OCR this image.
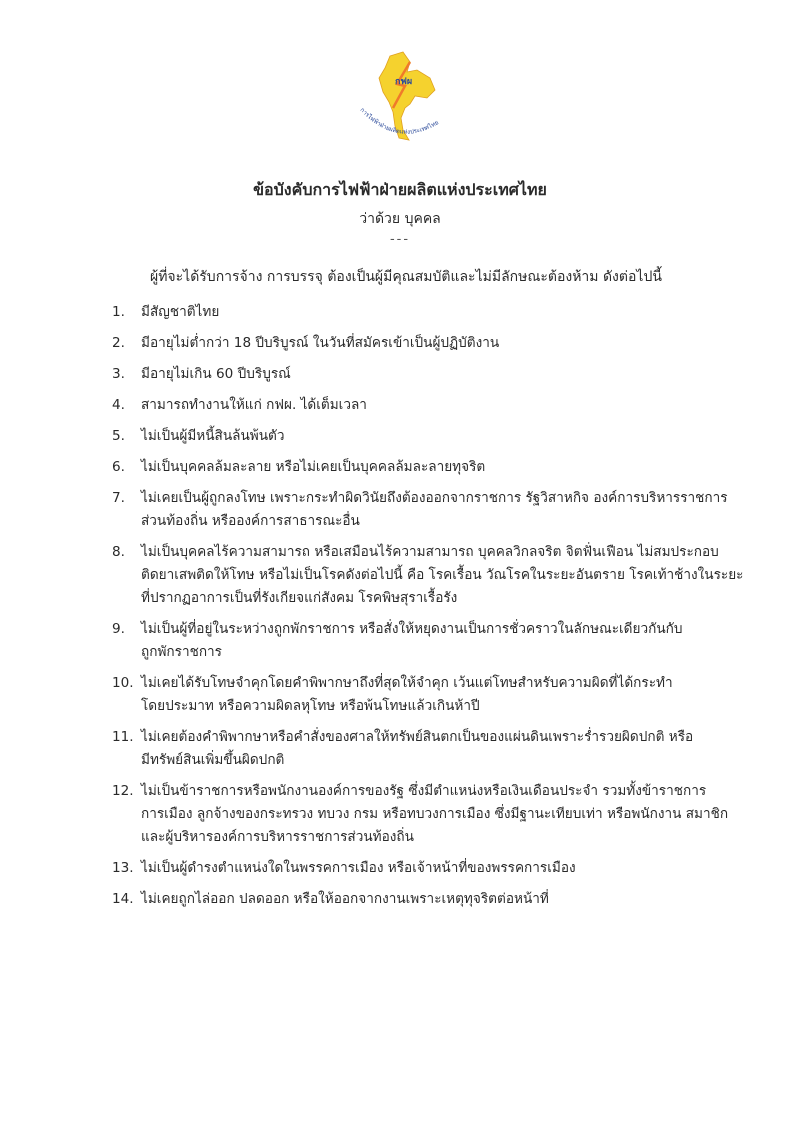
กฟผ
การไฟฟ้าฝ่ายผลิตแห่งประเทศไทย
ข้อบังคับการไฟฟ้าฝ่ายผลิตแห่งประเทศไทย
ว่าด้วย บุคคล
---
ผู้ที่จะได้รับการจ้าง การบรรจุ ต้องเป็นผู้มีคุณสมบัติและไม่มีลักษณะต้องห้าม ดังต่อไปนี้
1. มีสัญชาติไทย
2. มีอายุไม่ต่ำกว่า 18 ปีบริบูรณ์ ในวันที่สมัครเข้าเป็นผู้ปฏิบัติงาน
3. มีอายุไม่เกิน 60 ปีบริบูรณ์
4. สามารถทำงานให้แก่ กฟผ. ได้เต็มเวลา
5. ไม่เป็นผู้มีหนี้สินล้นพ้นตัว
6. ไม่เป็นบุคคลล้มละลาย หรือไม่เคยเป็นบุคคลล้มละลายทุจริต
7. ไม่เคยเป็นผู้ถูกลงโทษ เพราะกระทำผิดวินัยถึงต้องออกจากราชการ รัฐวิสาหกิจ องค์การบริหารราชการ
ส่วนท้องถิ่น หรือองค์การสาธารณะอื่น
8. ไม่เป็นบุคคลไร้ความสามารถ หรือเสมือนไร้ความสามารถ บุคคลวิกลจริต จิตฟั่นเฟือน ไม่สมประกอบ
ติดยาเสพติดให้โทษ หรือไม่เป็นโรคดังต่อไปนี้ คือ โรคเรื้อน วัณโรคในระยะอันตราย โรคเท้าช้างในระยะ
ที่ปรากฏอาการเป็นที่รังเกียจแก่สังคม โรคพิษสุราเรื้อรัง
9. ไม่เป็นผู้ที่อยู่ในระหว่างถูกพักราชการ หรือสั่งให้หยุดงานเป็นการชั่วคราวในลักษณะเดียวกันกับ
ถูกพักราชการ
10. ไม่เคยได้รับโทษจำคุกโดยคำพิพากษาถึงที่สุดให้จำคุก เว้นแต่โทษสำหรับความผิดที่ได้กระทำ
โดยประมาท หรือความผิดลหุโทษ หรือพ้นโทษแล้วเกินห้าปี
11. ไม่เคยต้องคำพิพากษาหรือคำสั่งของศาลให้ทรัพย์สินตกเป็นของแผ่นดินเพราะร่ำรวยผิดปกติ หรือ
มีทรัพย์สินเพิ่มขึ้นผิดปกติ
12. ไม่เป็นข้าราชการหรือพนักงานองค์การของรัฐ ซึ่งมีตำแหน่งหรือเงินเดือนประจำ รวมทั้งข้าราชการ
การเมือง ลูกจ้างของกระทรวง ทบวง กรม หรือทบวงการเมือง ซึ่งมีฐานะเทียบเท่า หรือพนักงาน สมาชิก
และผู้บริหารองค์การบริหารราชการส่วนท้องถิ่น
13. ไม่เป็นผู้ดำรงตำแหน่งใดในพรรคการเมือง หรือเจ้าหน้าที่ของพรรคการเมือง
14. ไม่เคยถูกไล่ออก ปลดออก หรือให้ออกจากงานเพราะเหตุทุจริตต่อหน้าที่
